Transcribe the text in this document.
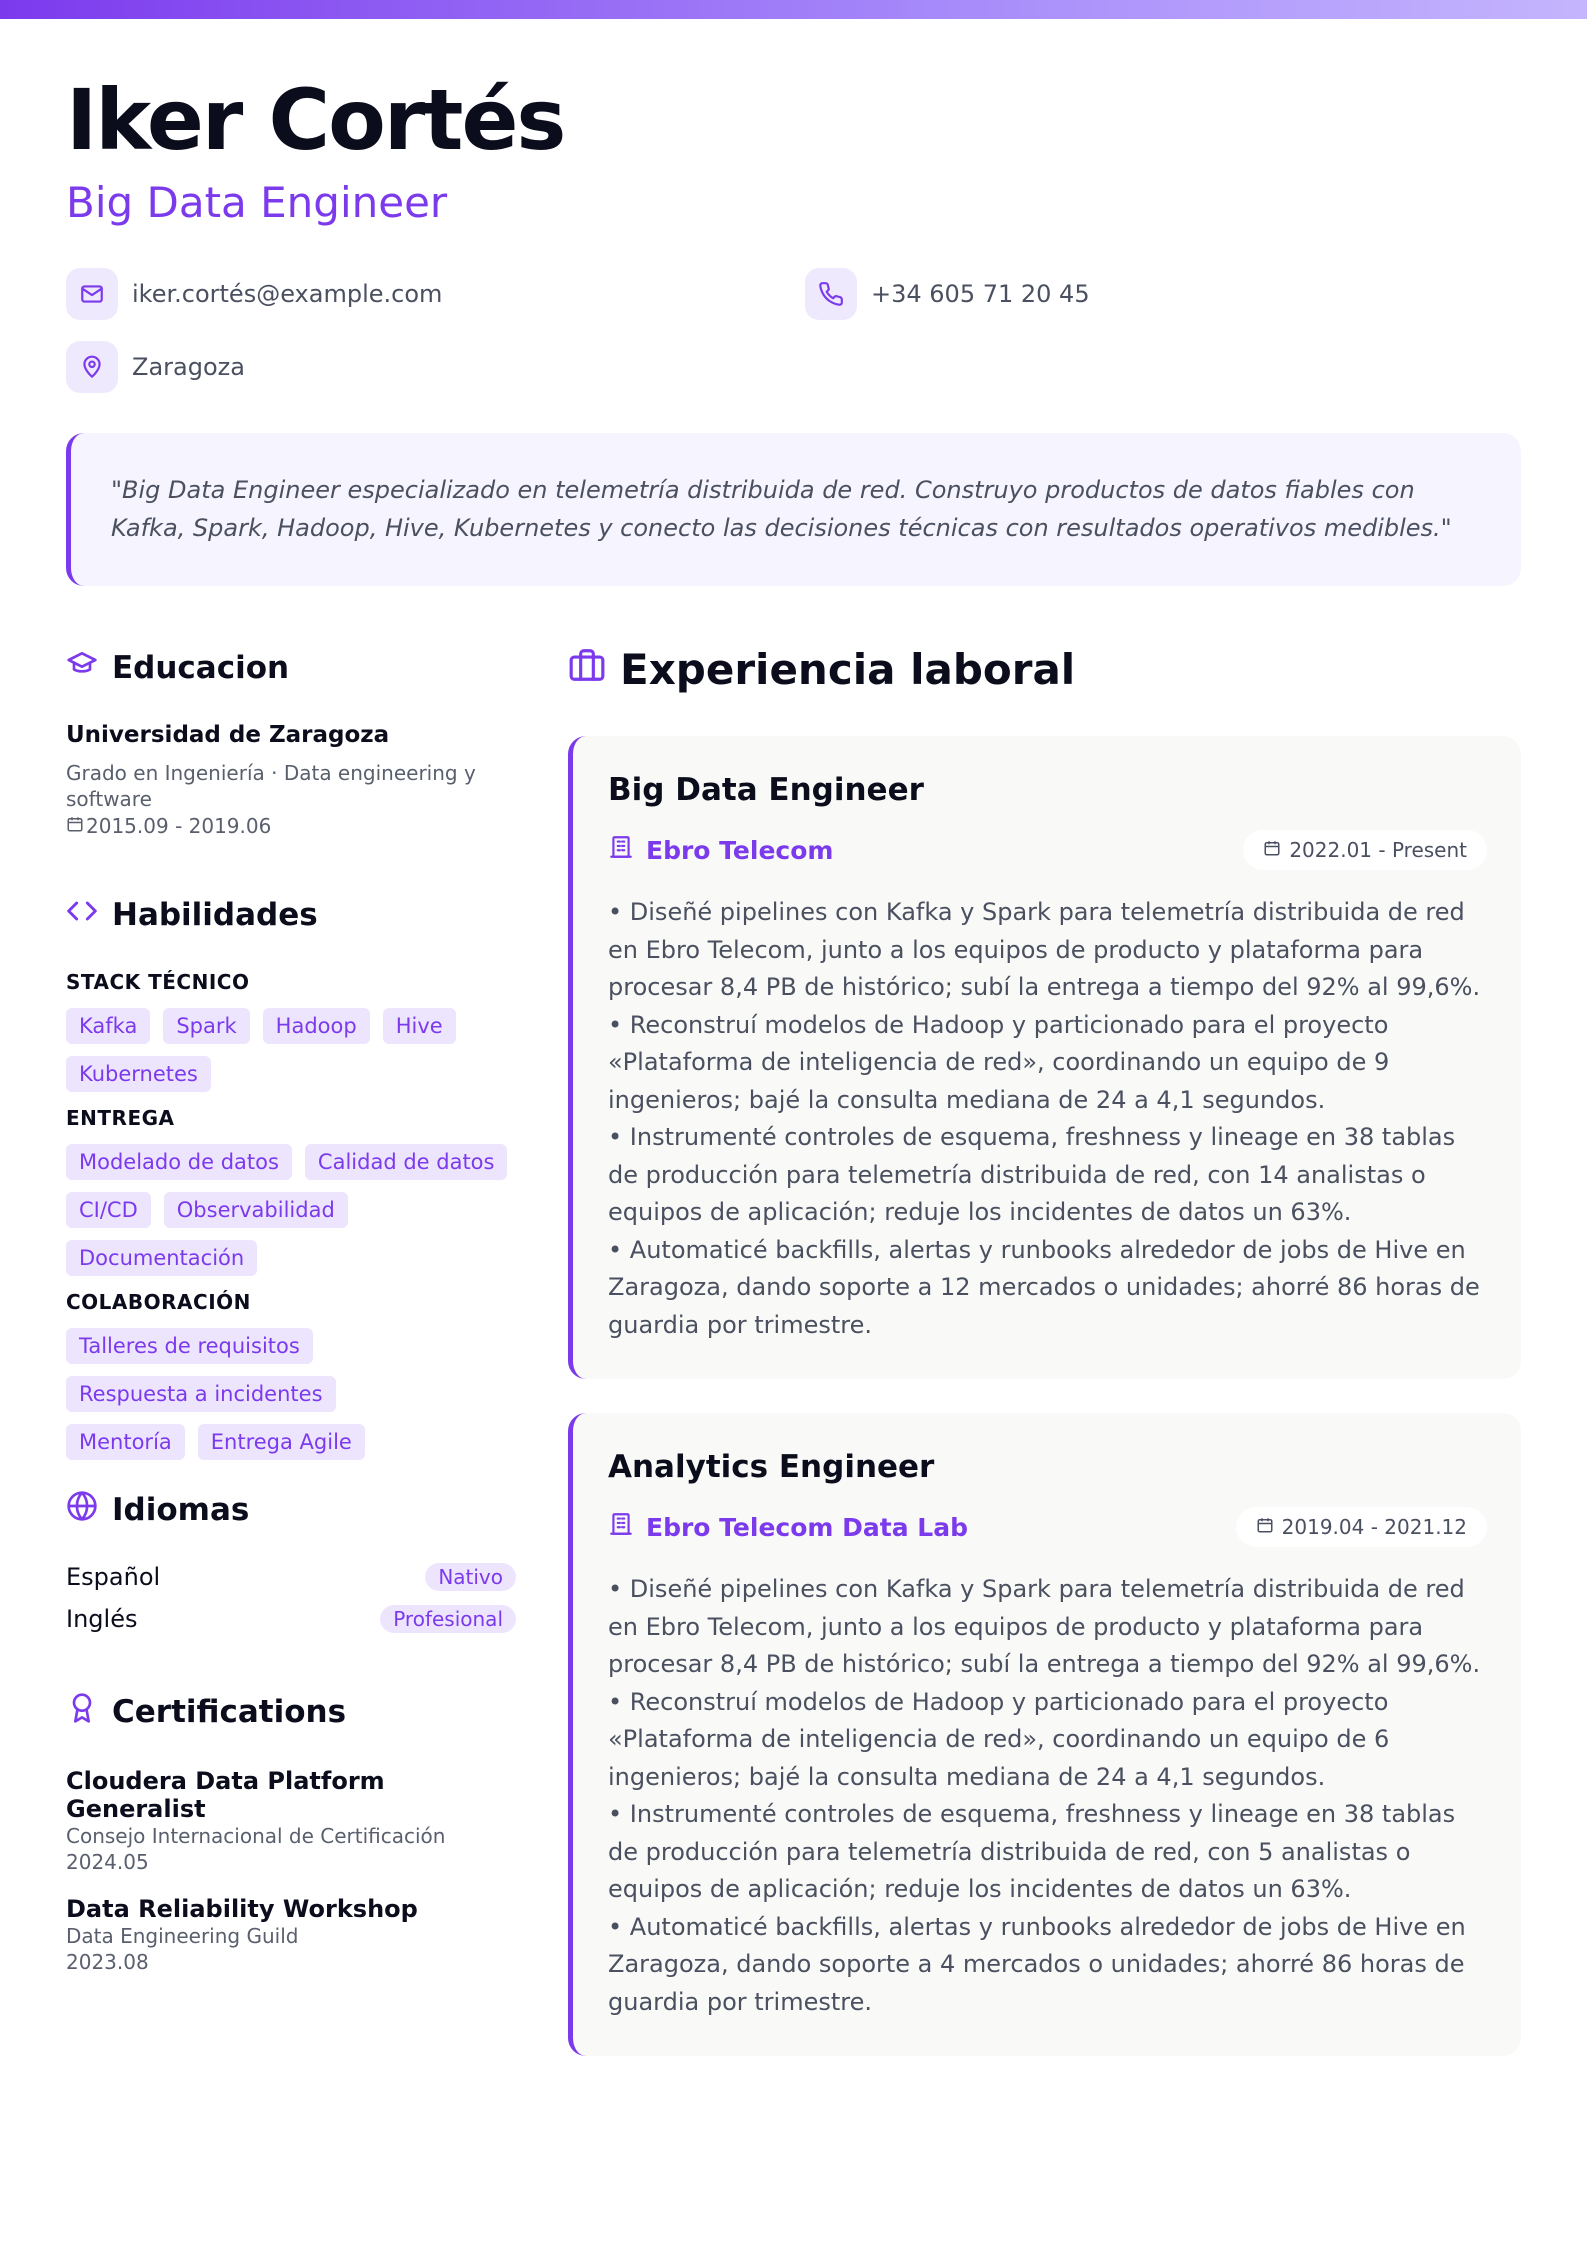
Iker Cortés
Big Data Engineer
iker.cortés@example.com	+34 605 71 20 45
Zaragoza
"Big Data Engineer especializado en telemetría distribuida de red. Construyo productos de datos fiables con Kafka, Spark, Hadoop, Hive, Kubernetes y conecto las decisiones técnicas con resultados operativos medibles."
Educacion
Universidad de Zaragoza
Grado en Ingeniería · Data engineering y software
2015.09 - 2019.06
Habilidades
STACK TÉCNICO
Kafka	Spark	Hadoop	Hive
Kubernetes
ENTREGA
Modelado de datos	Calidad de datos
CI/CD	Observabilidad
Documentación
COLABORACIÓN
Talleres de requisitos
Respuesta a incidentes
Mentoría	Entrega Agile
Idiomas
Español	Nativo
Inglés	Profesional
Certifications
Cloudera Data Platform Generalist
Consejo Internacional de Certificación
2024.05
Data Reliability Workshop
Data Engineering Guild
2023.08
Experiencia laboral
Big Data Engineer
Ebro Telecom	2022.01 - Present
• Diseñé pipelines con Kafka y Spark para telemetría distribuida de red en Ebro Telecom, junto a los equipos de producto y plataforma para procesar 8,4 PB de histórico; subí la entrega a tiempo del 92% al 99,6%.
• Reconstruí modelos de Hadoop y particionado para el proyecto «Plataforma de inteligencia de red», coordinando un equipo de 9 ingenieros; bajé la consulta mediana de 24 a 4,1 segundos.
• Instrumenté controles de esquema, freshness y lineage en 38 tablas de producción para telemetría distribuida de red, con 14 analistas o equipos de aplicación; reduje los incidentes de datos un 63%.
• Automaticé backfills, alertas y runbooks alrededor de jobs de Hive en Zaragoza, dando soporte a 12 mercados o unidades; ahorré 86 horas de guardia por trimestre.
Analytics Engineer
Ebro Telecom Data Lab	2019.04 - 2021.12
• Diseñé pipelines con Kafka y Spark para telemetría distribuida de red en Ebro Telecom, junto a los equipos de producto y plataforma para procesar 8,4 PB de histórico; subí la entrega a tiempo del 92% al 99,6%.
• Reconstruí modelos de Hadoop y particionado para el proyecto «Plataforma de inteligencia de red», coordinando un equipo de 6 ingenieros; bajé la consulta mediana de 24 a 4,1 segundos.
• Instrumenté controles de esquema, freshness y lineage en 38 tablas de producción para telemetría distribuida de red, con 5 analistas o equipos de aplicación; reduje los incidentes de datos un 63%.
• Automaticé backfills, alertas y runbooks alrededor de jobs de Hive en Zaragoza, dando soporte a 4 mercados o unidades; ahorré 86 horas de guardia por trimestre.
